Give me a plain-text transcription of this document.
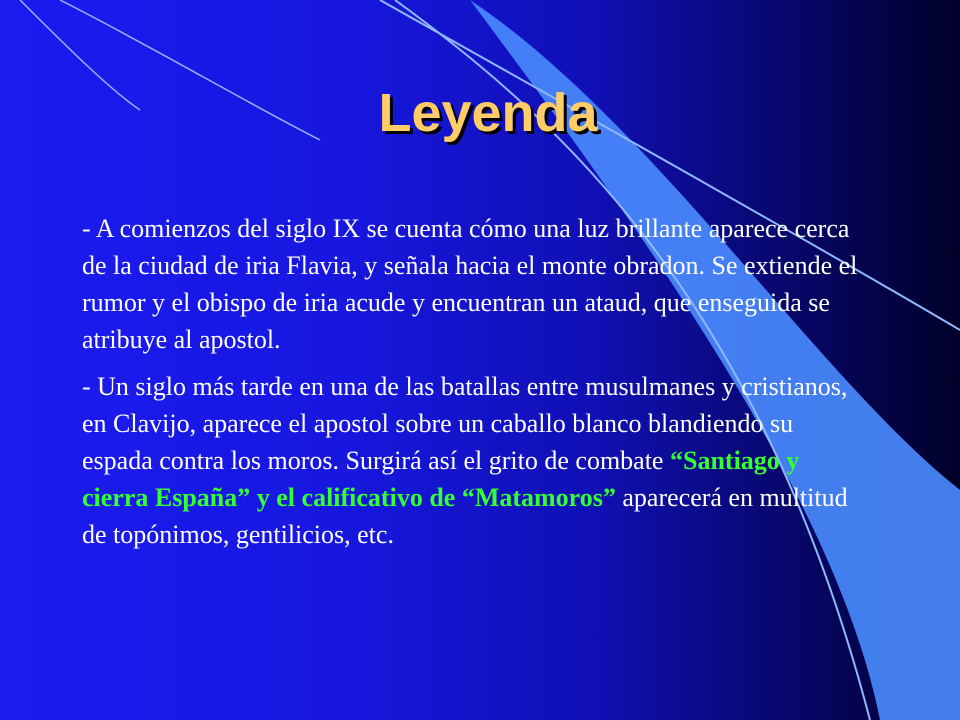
Leyenda

- A comienzos del siglo IX se cuenta cómo una luz brillante aparece cerca de la ciudad de iria Flavia, y señala hacia el monte obradon. Se extiende el rumor y el obispo de iria acude y encuentran un ataud, que enseguida se atribuye al apostol.

- Un siglo más tarde en una de las batallas entre musulmanes y cristianos, en Clavijo, aparece el apostol sobre un caballo blanco blandiendo su espada contra los moros. Surgirá así el grito de combate “Santiago y cierra España” y el calificativo de “Matamoros” aparecerá en multitud de topónimos, gentilicios, etc.
